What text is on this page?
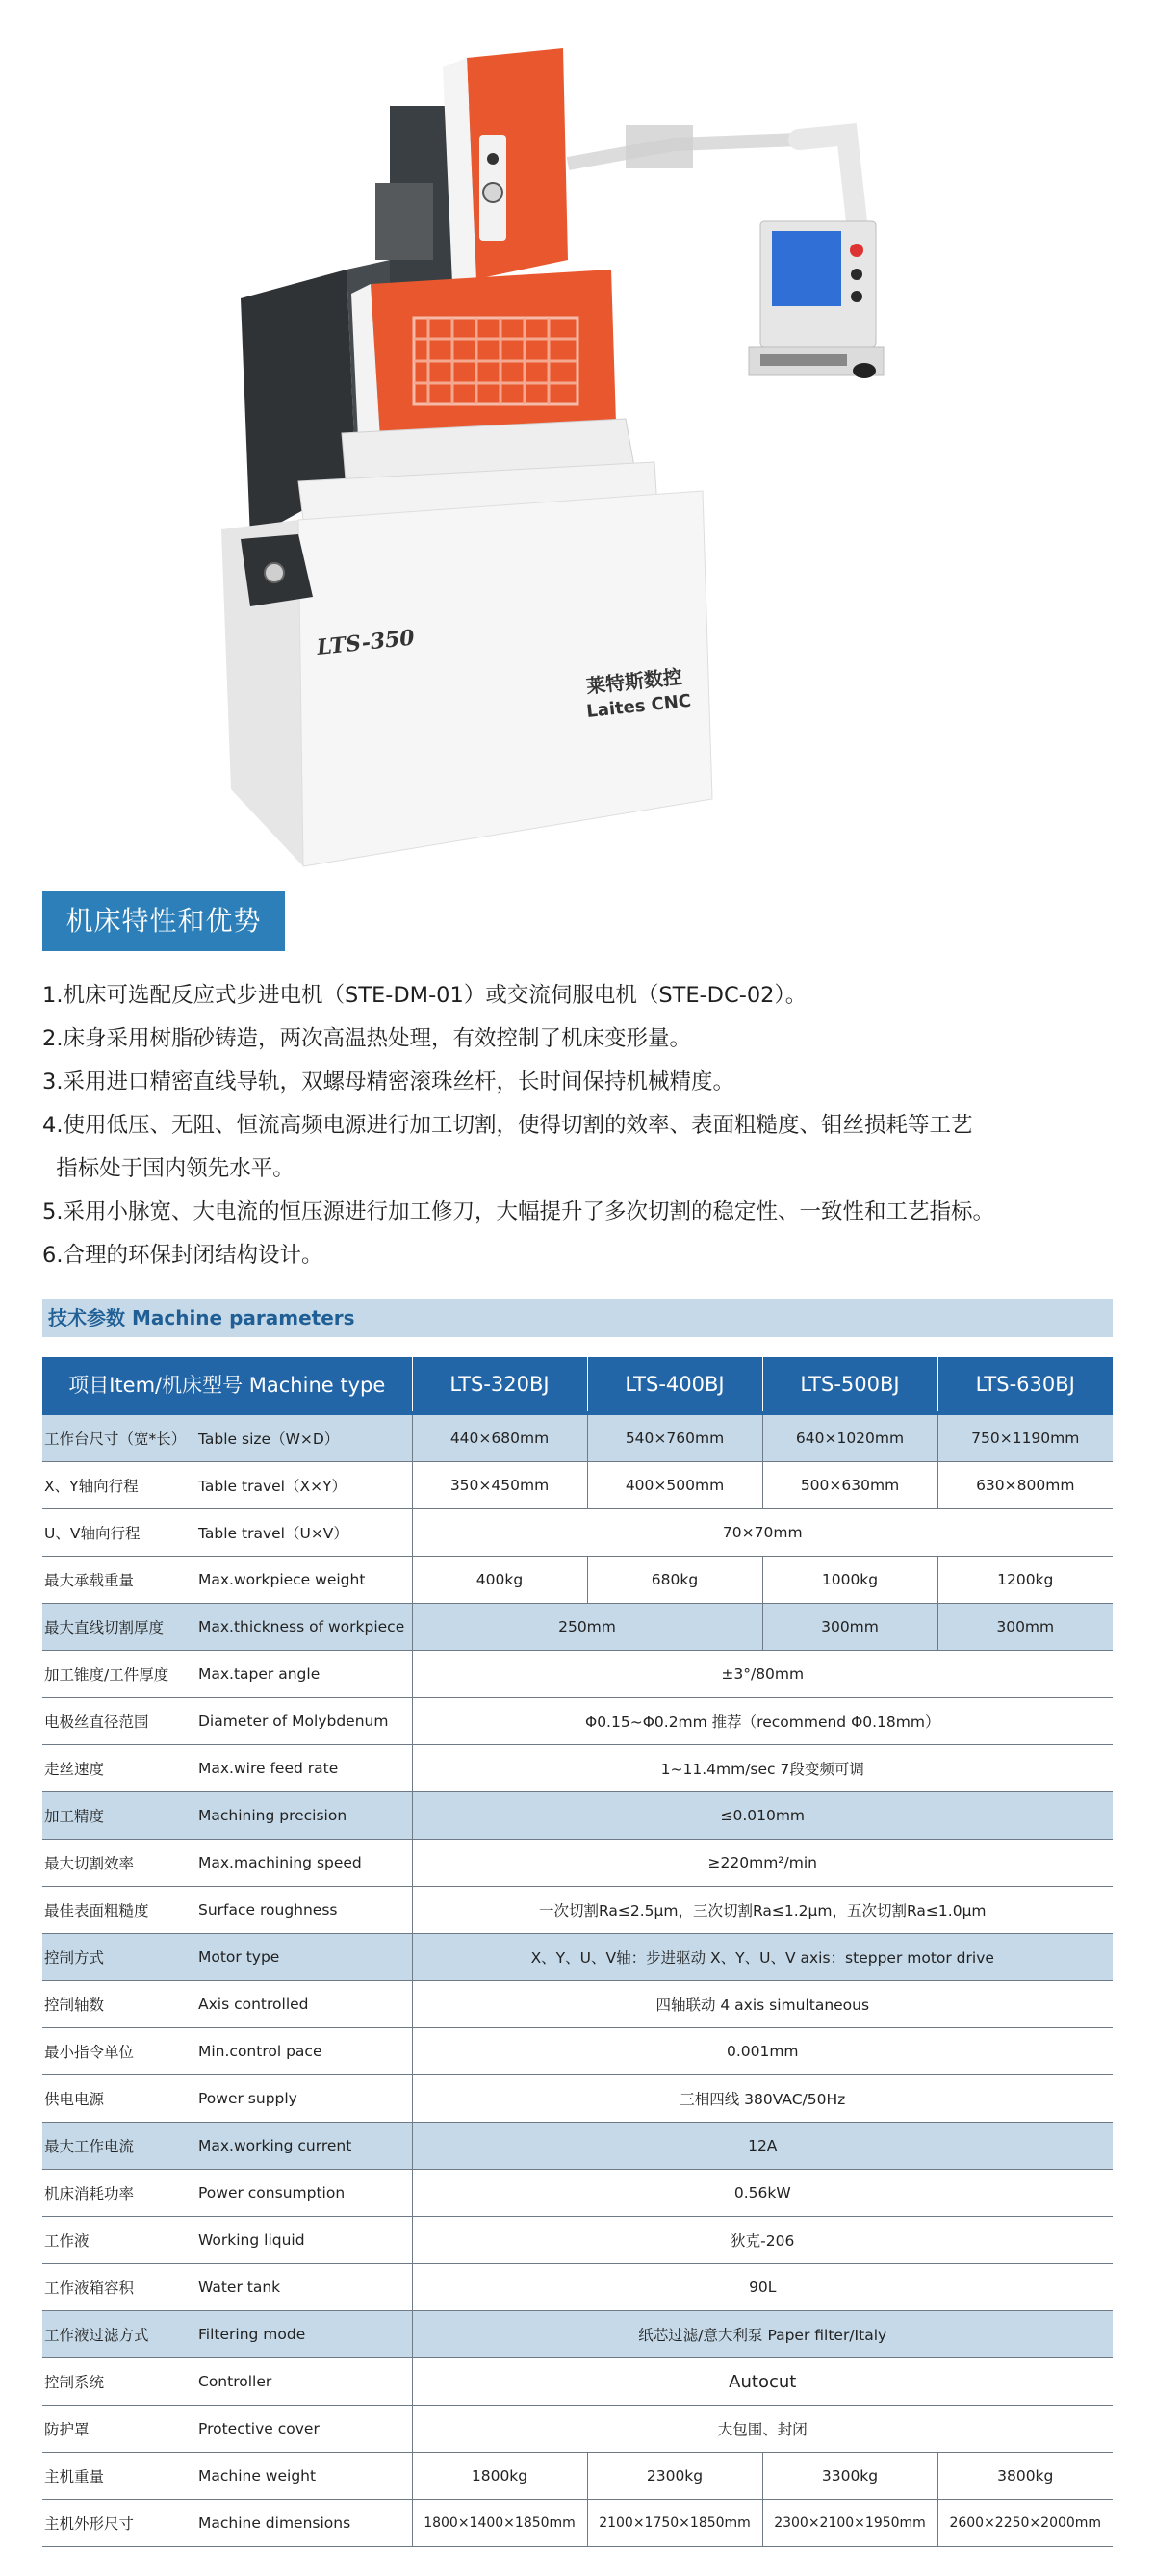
LTS-350
莱特斯数控
Laites CNC
机床特性和优势
1.机床可选配反应式步进电机（STE-DM-01）或交流伺服电机（STE-DC-02）。
2.床身采用树脂砂铸造，两次高温热处理，有效控制了机床变形量。
3.采用进口精密直线导轨，双螺母精密滚珠丝杆，长时间保持机械精度。
4.使用低压、无阻、恒流高频电源进行加工切割，使得切割的效率、表面粗糙度、钼丝损耗等工艺
指标处于国内领先水平。
5.采用小脉宽、大电流的恒压源进行加工修刀，大幅提升了多次切割的稳定性、一致性和工艺指标。
6.合理的环保封闭结构设计。
技术参数 Machine parameters
项目Item/机床型号 Machine type		LTS-320BJ	LTS-400BJ	LTS-500BJ	LTS-630BJ
工作台尺寸（宽*长）	Table size（W×D）	440×680mm	540×760mm	640×1020mm	750×1190mm
X、Y轴向行程	Table travel（X×Y）	350×450mm	400×500mm	500×630mm	630×800mm
U、V轴向行程	Table travel（U×V）	70×70mm			
最大承载重量	Max.workpiece weight	400kg	680kg	1000kg	1200kg
最大直线切割厚度	Max.thickness of workpiece	250mm		300mm	300mm
加工锥度/工件厚度	Max.taper angle	±3°/80mm			
电极丝直径范围	Diameter of Molybdenum	Φ0.15~Φ0.2mm 推荐（recommend Φ0.18mm）			
走丝速度	Max.wire feed rate	1~11.4mm/sec 7段变频可调			
加工精度	Machining precision	≤0.010mm			
最大切割效率	Max.machining speed	≥220mm²/min			
最佳表面粗糙度	Surface roughness	一次切割Ra≤2.5μm，三次切割Ra≤1.2μm，五次切割Ra≤1.0μm			
控制方式	Motor type	X、Y、U、V轴：步进驱动 X、Y、U、V axis：stepper motor drive			
控制轴数	Axis controlled	四轴联动 4 axis simultaneous			
最小指令单位	Min.control pace	0.001mm			
供电电源	Power supply	三相四线 380VAC/50Hz			
最大工作电流	Max.working current	12A			
机床消耗功率	Power consumption	0.56kW			
工作液	Working liquid	狄克-206			
工作液箱容积	Water tank	90L			
工作液过滤方式	Filtering mode	纸芯过滤/意大利泵 Paper filter/Italy			
控制系统	Controller	Autocut			
防护罩	Protective cover	大包围、封闭			
主机重量	Machine weight	1800kg	2300kg	3300kg	3800kg
主机外形尺寸	Machine dimensions	1800×1400×1850mm	2100×1750×1850mm	2300×2100×1950mm	2600×2250×2000mm
